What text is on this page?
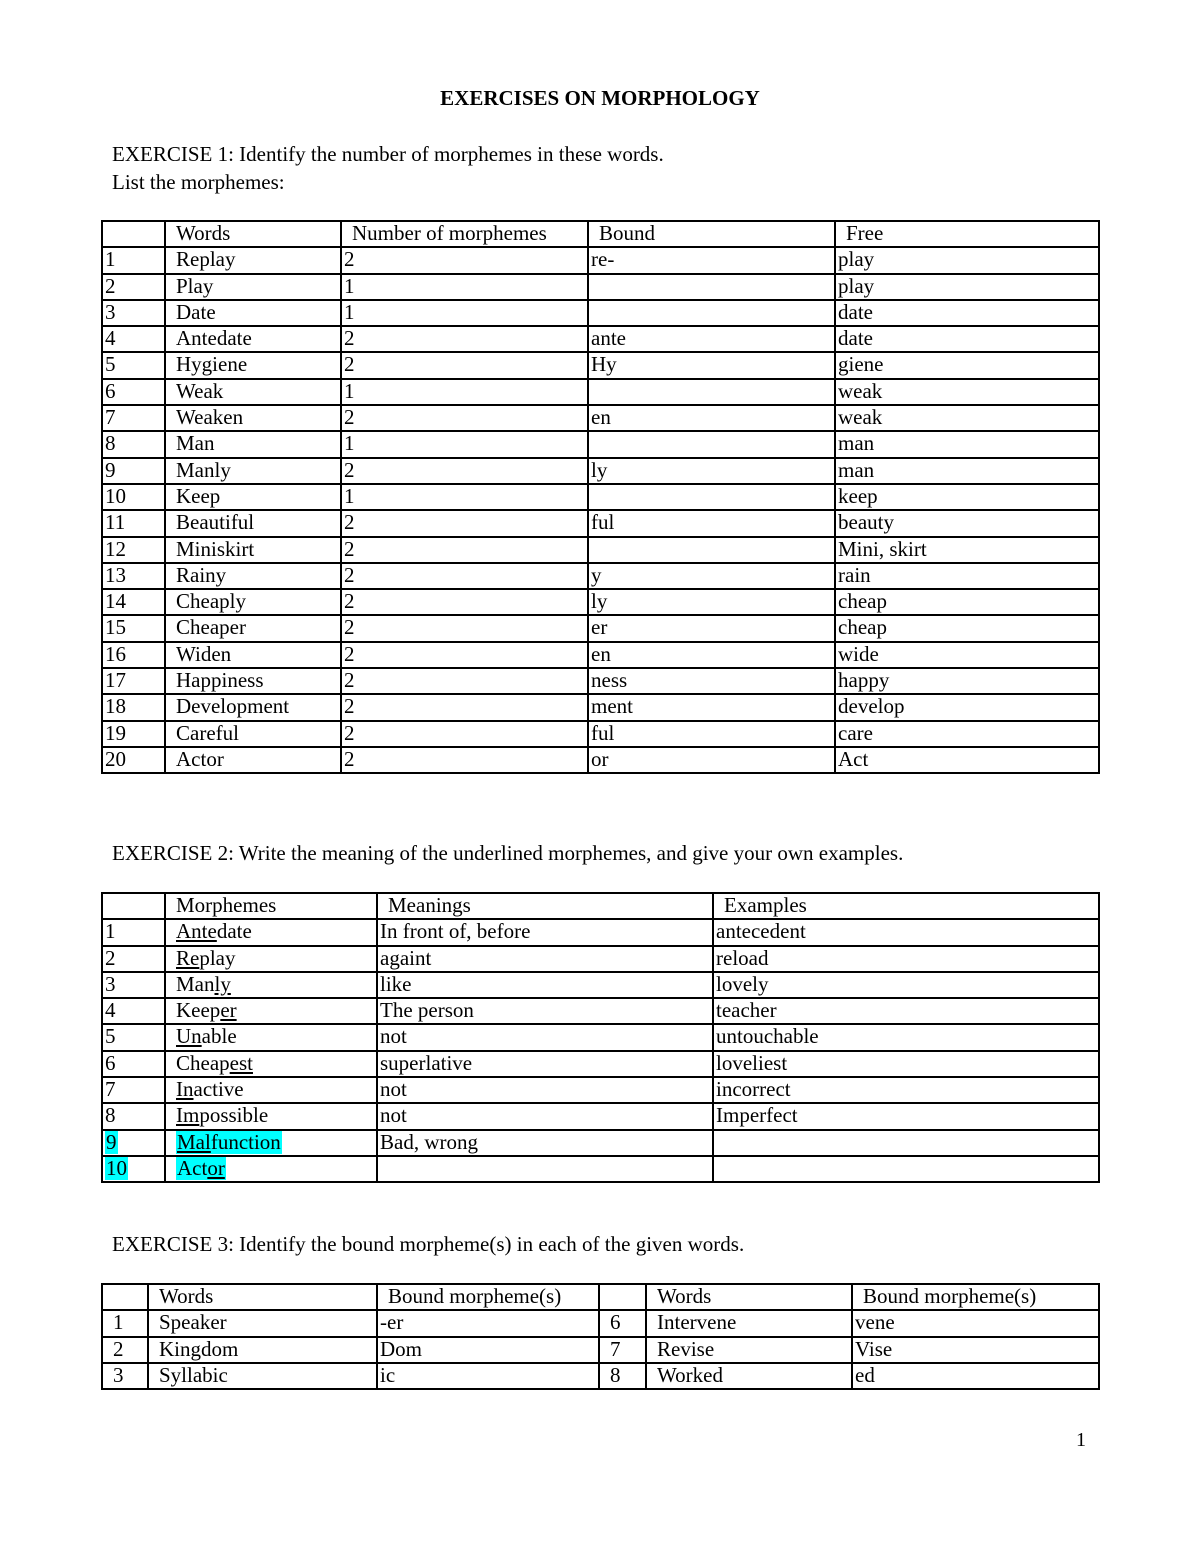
EXERCISES ON MORPHOLOGY
EXERCISE 1: Identify the number of morphemes in these words.
List the morphemes:
	Words	Number of morphemes	Bound	Free
1	Replay	2	re-	play
2	Play	1		play
3	Date	1		date
4	Antedate	2	ante	date
5	Hygiene	2	Hy	giene
6	Weak	1		weak
7	Weaken	2	en	weak
8	Man	1		man
9	Manly	2	ly	man
10	Keep	1		keep
11	Beautiful	2	ful	beauty
12	Miniskirt	2		Mini, skirt
13	Rainy	2	y	rain
14	Cheaply	2	ly	cheap
15	Cheaper	2	er	cheap
16	Widen	2	en	wide
17	Happiness	2	ness	happy
18	Development	2	ment	develop
19	Careful	2	ful	care
20	Actor	2	or	Act
EXERCISE 2: Write the meaning of the underlined morphemes, and give your own examples.
	Morphemes	Meanings	Examples
1	Antedate	In front of, before	antecedent
2	Replay	againt	reload
3	Manly	like	lovely
4	Keeper	The person	teacher
5	Unable	not	untouchable
6	Cheapest	superlative	loveliest
7	Inactive	not	incorrect
8	Impossible	not	Imperfect
9	Malfunction	Bad, wrong	
10	Actor		
EXERCISE 3: Identify the bound morpheme(s) in each of the given words.
	Words	Bound morpheme(s)		Words	Bound morpheme(s)
1	Speaker	-er	6	Intervene	vene
2	Kingdom	Dom	7	Revise	Vise
3	Syllabic	ic	8	Worked	ed
1
